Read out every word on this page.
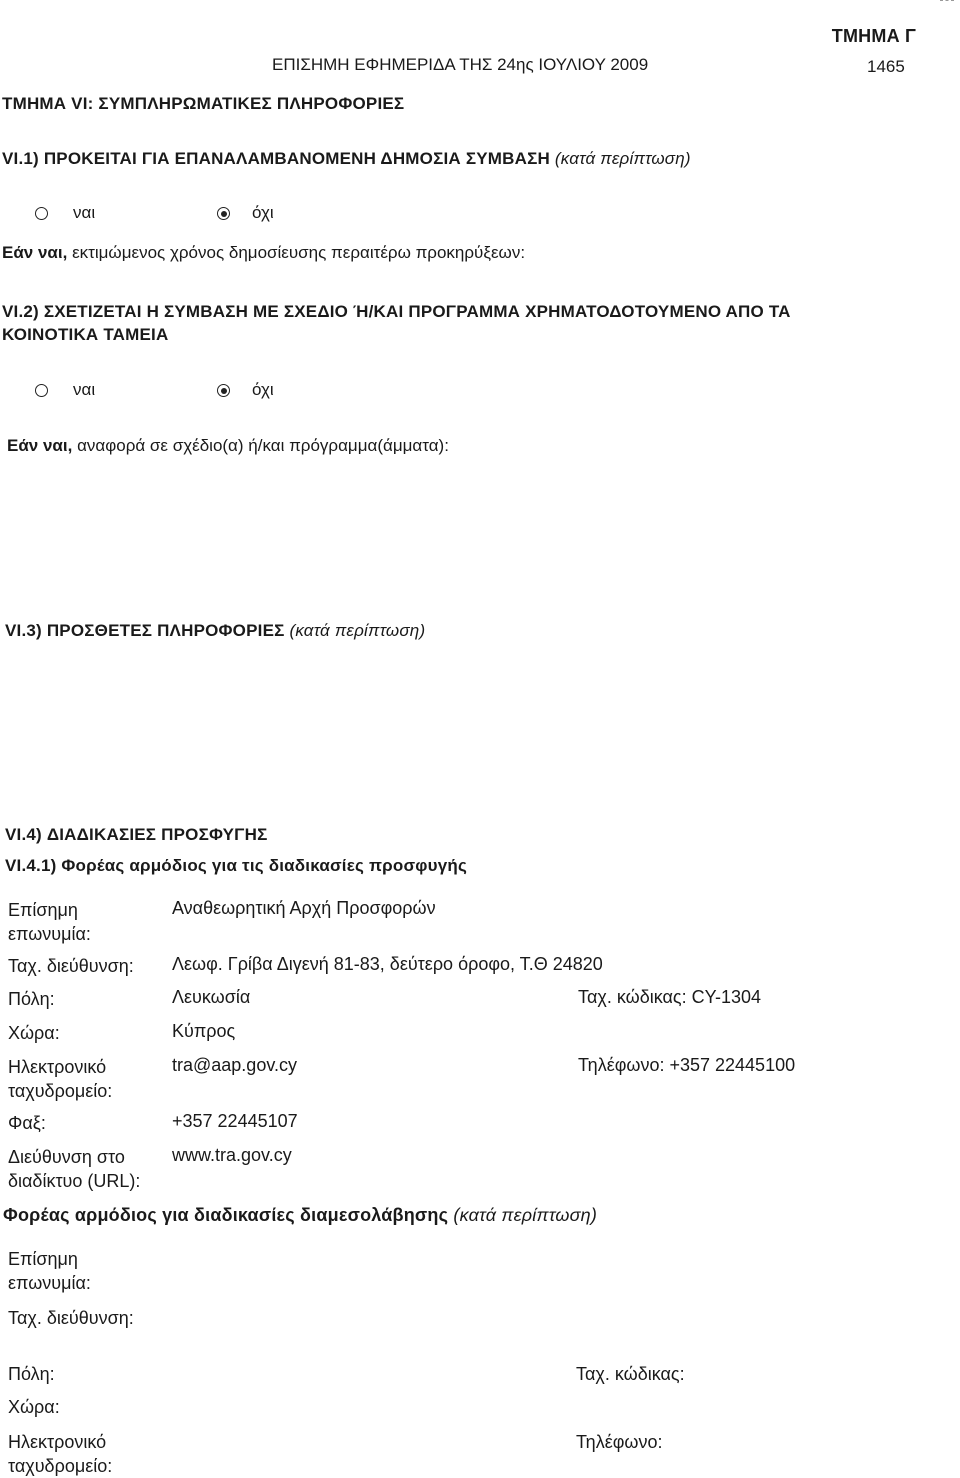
ΤΜΗΜΑ Γ
ΕΠΙΣΗΜΗ ΕΦΗΜΕΡΙΔΑ ΤΗΣ 24ης ΙΟΥΛΙΟΥ 2009	1465
ΤΜΗΜΑ VI: ΣΥΜΠΛΗΡΩΜΑΤΙΚΕΣ ΠΛΗΡΟΦΟΡΙΕΣ
VI.1) ΠΡΟΚΕΙΤΑΙ ΓΙΑ ΕΠΑΝΑΛΑΜΒΑΝΟΜΕΝΗ ΔΗΜΟΣΙΑ ΣΥΜΒΑΣΗ (κατά περίπτωση)
ναι	όχι
Εάν ναι, εκτιμώμενος χρόνος δημοσίευσης περαιτέρω προκηρύξεων:
VI.2) ΣΧΕΤΙΖΕΤΑΙ Η ΣΥΜΒΑΣΗ ΜΕ ΣΧΕΔΙΟ Ή/ΚΑΙ ΠΡΟΓΡΑΜΜΑ ΧΡΗΜΑΤΟΔΟΤΟΥΜΕΝΟ ΑΠΟ ΤΑ
ΚΟΙΝΟΤΙΚΑ ΤΑΜΕΙΑ
ναι	όχι
Εάν ναι, αναφορά σε σχέδιο(α) ή/και πρόγραμμα(άμματα):
VI.3) ΠΡΟΣΘΕΤΕΣ ΠΛΗΡΟΦΟΡΙΕΣ (κατά περίπτωση)
VI.4) ΔΙΑΔΙΚΑΣΙΕΣ ΠΡΟΣΦΥΓΗΣ
VI.4.1) Φορέας αρμόδιος για τις διαδικασίες προσφυγής
Επίσημη επωνυμία:
Αναθεωρητική Αρχή Προσφορών
Ταχ. διεύθυνση: Λεωφ. Γρίβα Διγενή 81-83, δεύτερο όροφο, Τ.Θ 24820
Πόλη:	Λευκωσία	Ταχ. κώδικας: CY-1304
Χώρα:	Κύπρος
Ηλεκτρονικό ταχυδρομείο:
tra@aap.gov.cy	Τηλέφωνο: +357 22445100
Φαξ:	+357 22445107
Διεύθυνση στο διαδίκτυο (URL):
www.tra.gov.cy
Φορέας αρμόδιος για διαδικασίες διαμεσολάβησης (κατά περίπτωση)
Επίσημη επωνυμία:
Ταχ. διεύθυνση:
Πόλη:	Ταχ. κώδικας:
Χώρα:
Ηλεκτρονικό ταχυδρομείο:
Τηλέφωνο:
